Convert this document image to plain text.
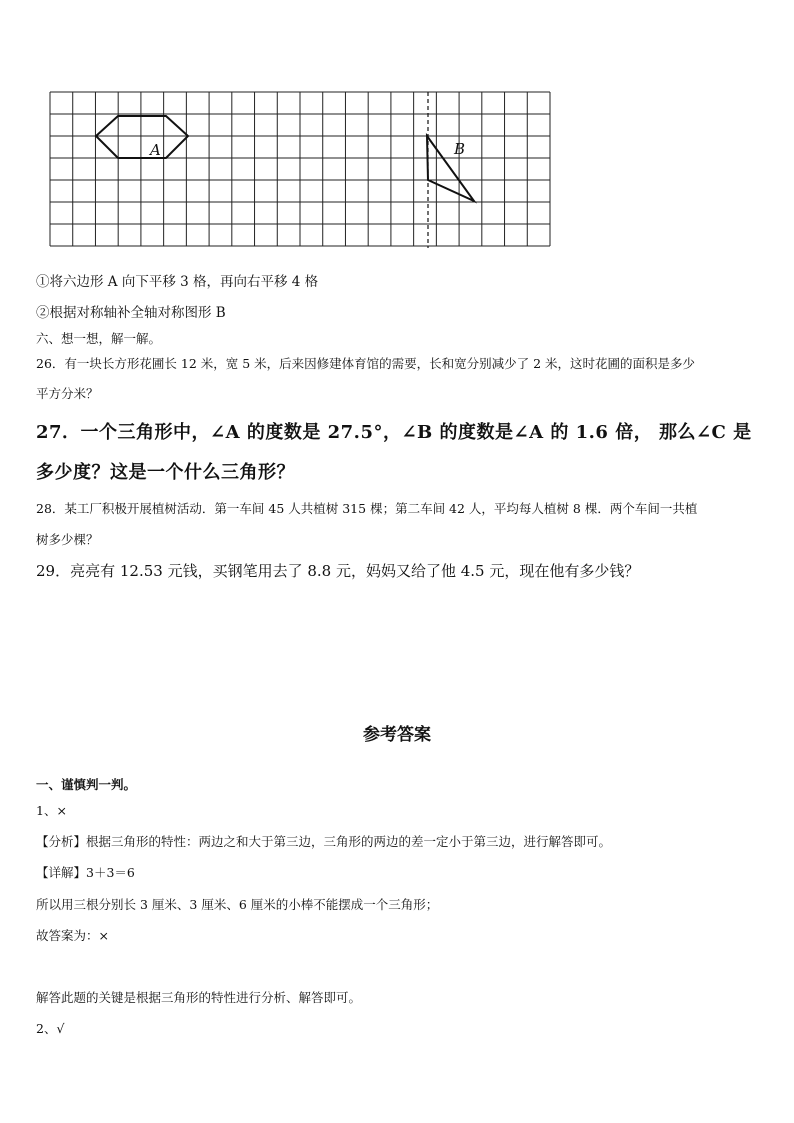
A	B
①将六边形 A 向下平移 3 格，再向右平移 4 格
②根据对称轴补全轴对称图形 B
六、想一想，解一解。
26．有一块长方形花圃长 12 米，宽 5 米，后来因修建体育馆的需要，长和宽分别减少了 2 米，这时花圃的面积是多少
平方分米？
27．一个三角形中，∠A 的度数是 27.5°，∠B 的度数是∠A 的 1.6 倍， 那么∠C 是
多少度？这是一个什么三角形？
28．某工厂积极开展植树活动．第一车间 45 人共植树 315 棵；第二车间 42 人，平均每人植树 8 棵．两个车间一共植
树多少棵？
29．亮亮有 12.53 元钱，买钢笔用去了 8.8 元，妈妈又给了他 4.5 元，现在他有多少钱？
参考答案
一、谨慎判一判。
1、×
【分析】根据三角形的特性：两边之和大于第三边，三角形的两边的差一定小于第三边，进行解答即可。
【详解】3＋3＝6
所以用三根分别长 3 厘米、3 厘米、6 厘米的小棒不能摆成一个三角形；
故答案为：×
解答此题的关键是根据三角形的特性进行分析、解答即可。
2、√
